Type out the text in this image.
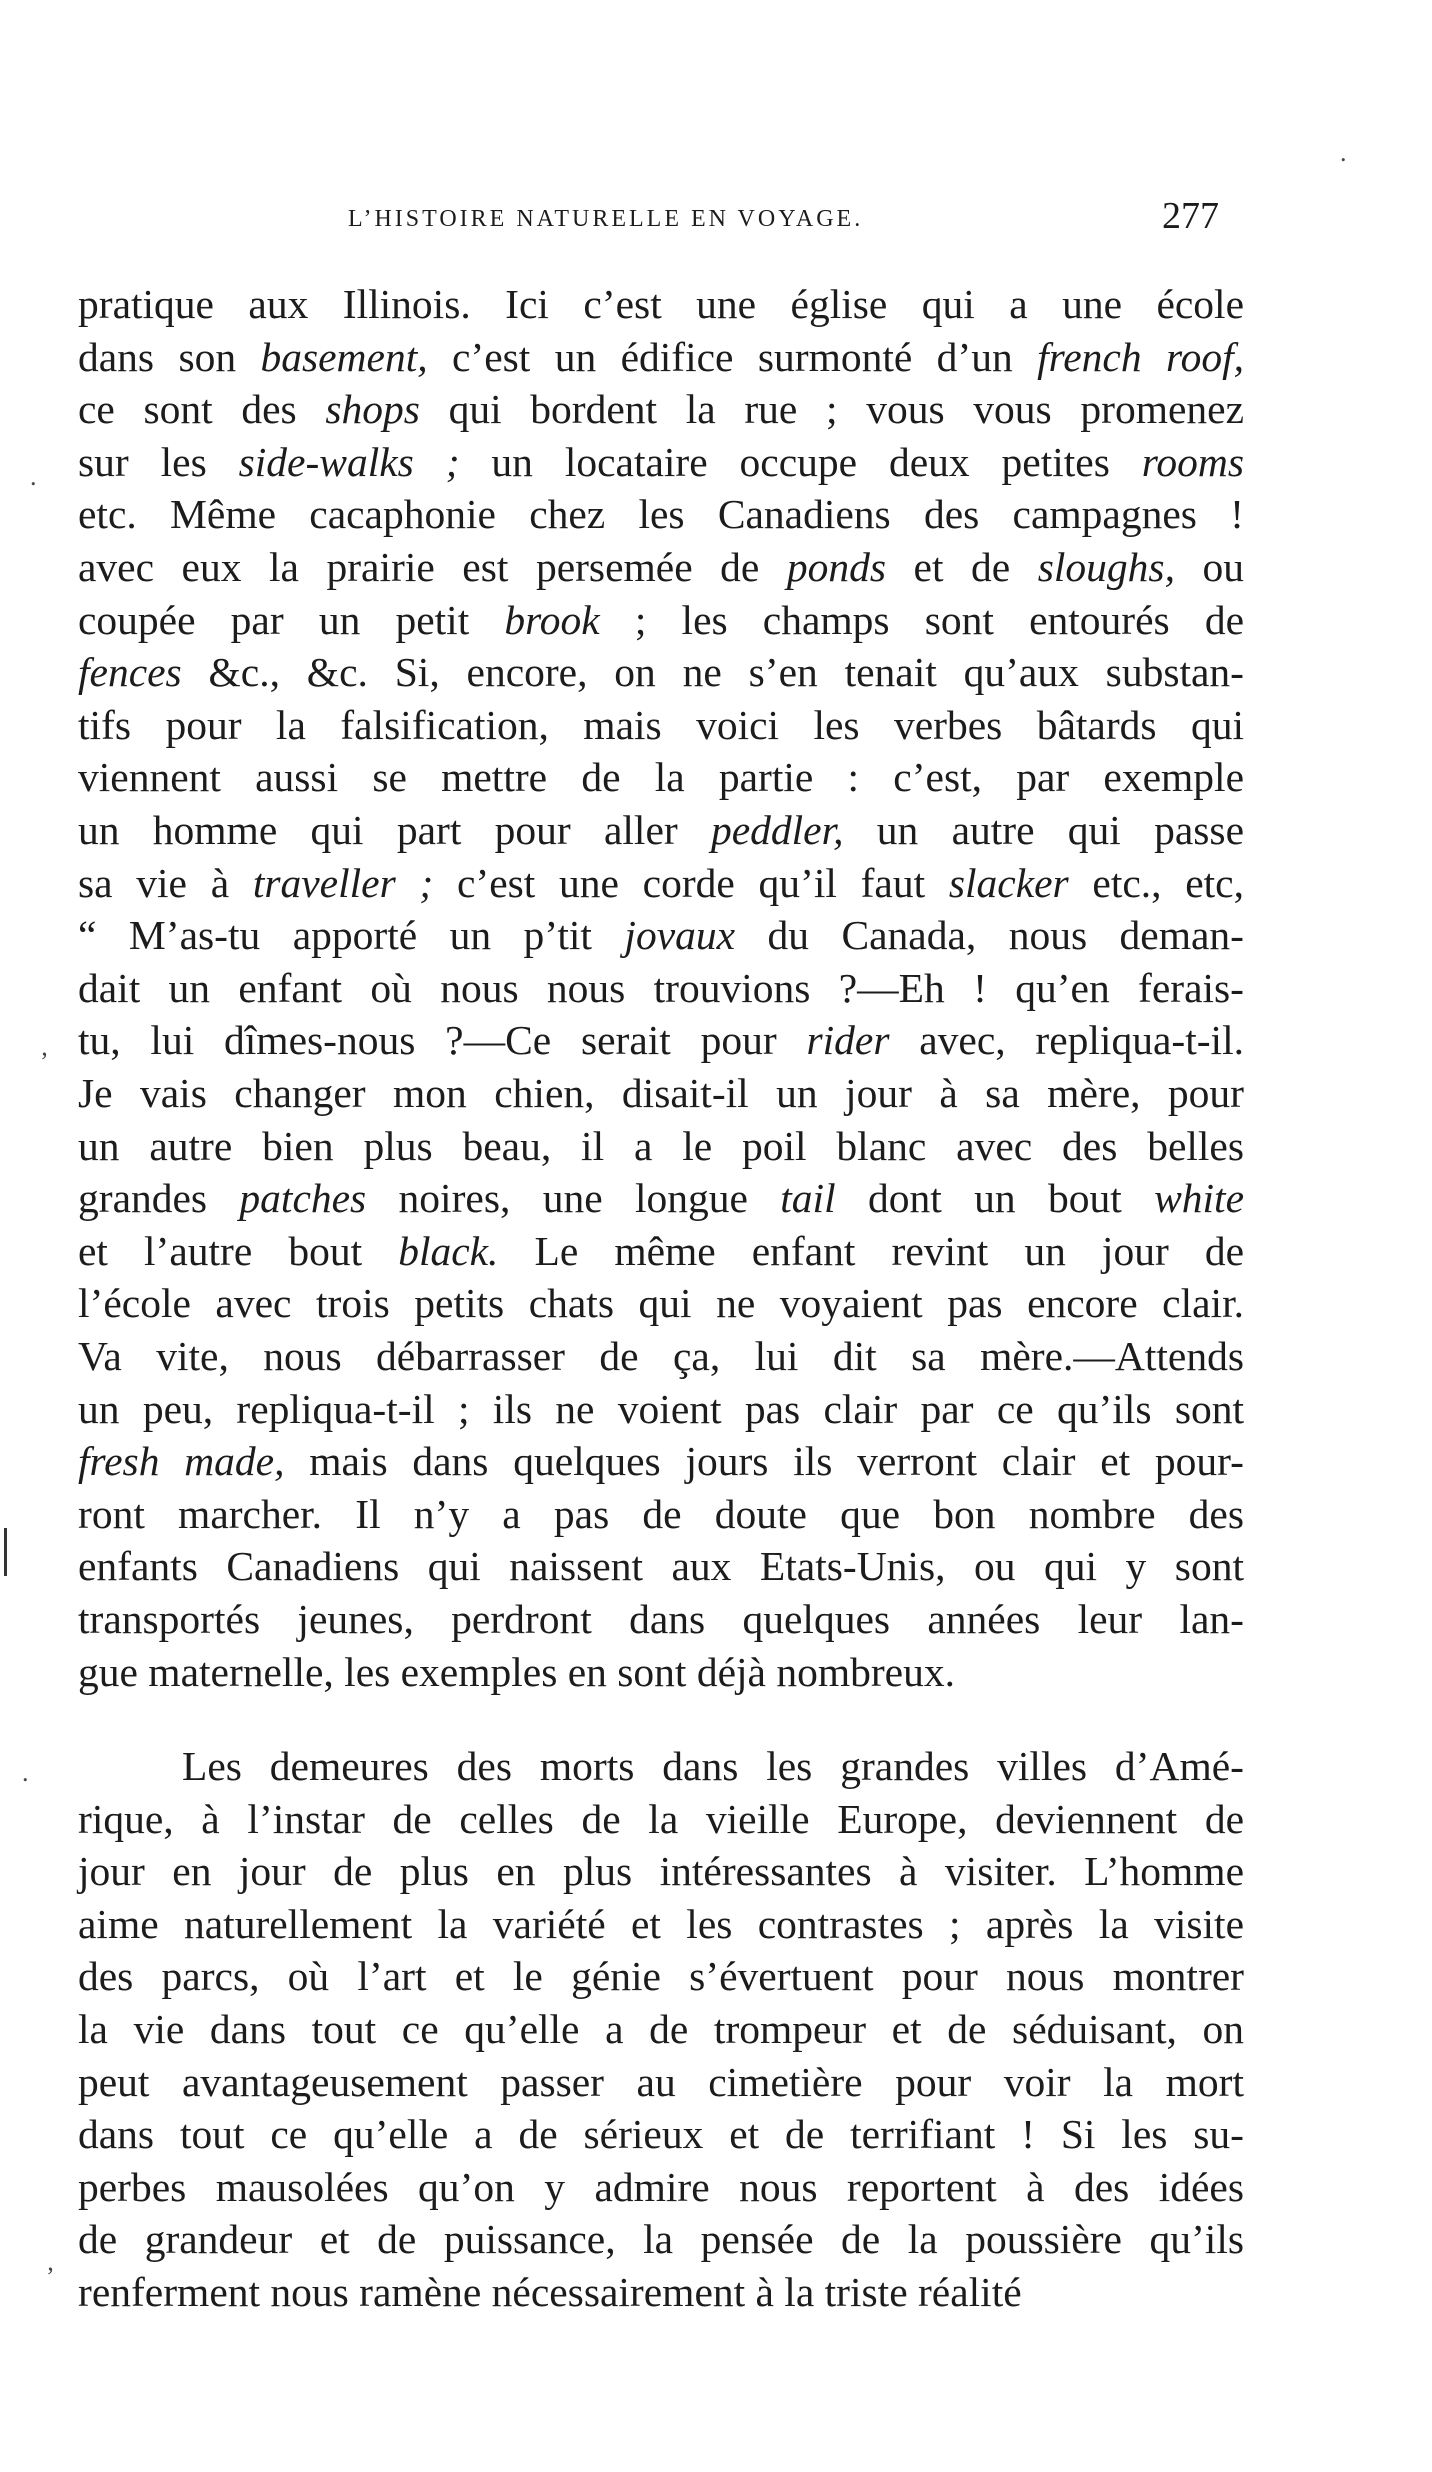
L’HISTOIRE NATURELLE EN VOYAGE.	277
pratique aux Illinois. Ici c’est une église qui a une école
dans son basement, c’est un édifice surmonté d’un french roof,
ce sont des shops qui bordent la rue ; vous vous promenez
sur les side-walks ; un locataire occupe deux petites rooms
etc. Même cacaphonie chez les Canadiens des campagnes !
avec eux la prairie est persemée de ponds et de sloughs, ou
coupée par un petit brook ; les champs sont entourés de
fences &c., &c. Si, encore, on ne s’en tenait qu’aux substan-
tifs pour la falsification, mais voici les verbes bâtards qui
viennent aussi se mettre de la partie : c’est, par exemple
un homme qui part pour aller peddler, un autre qui passe
sa vie à traveller ; c’est une corde qu’il faut slacker etc., etc,
“ M’as-tu apporté un p’tit jovaux du Canada, nous deman-
dait un enfant où nous nous trouvions ?—Eh ! qu’en ferais-
tu, lui dîmes-nous ?—Ce serait pour rider avec, repliqua-t-il.
Je vais changer mon chien, disait-il un jour à sa mère, pour
un autre bien plus beau, il a le poil blanc avec des belles
grandes patches noires, une longue tail dont un bout white
et l’autre bout black. Le même enfant revint un jour de
l’école avec trois petits chats qui ne voyaient pas encore clair.
Va vite, nous débarrasser de ça, lui dit sa mère.—Attends
un peu, repliqua-t-il ; ils ne voient pas clair par ce qu’ils sont
fresh made, mais dans quelques jours ils verront clair et pour-
ront marcher. Il n’y a pas de doute que bon nombre des
enfants Canadiens qui naissent aux Etats-Unis, ou qui y sont
transportés jeunes, perdront dans quelques années leur lan-
gue maternelle, les exemples en sont déjà nombreux.
Les demeures des morts dans les grandes villes d’Amé-
rique, à l’instar de celles de la vieille Europe, deviennent de
jour en jour de plus en plus intéressantes à visiter. L’homme
aime naturellement la variété et les contrastes ; après la visite
des parcs, où l’art et le génie s’évertuent pour nous montrer
la vie dans tout ce qu’elle a de trompeur et de séduisant, on
peut avantageusement passer au cimetière pour voir la mort
dans tout ce qu’elle a de sérieux et de terrifiant ! Si les su-
perbes mausolées qu’on y admire nous reportent à des idées
de grandeur et de puissance, la pensée de la poussière qu’ils
renferment nous ramène nécessairement à la triste réalité
.
‚
.
’
.
